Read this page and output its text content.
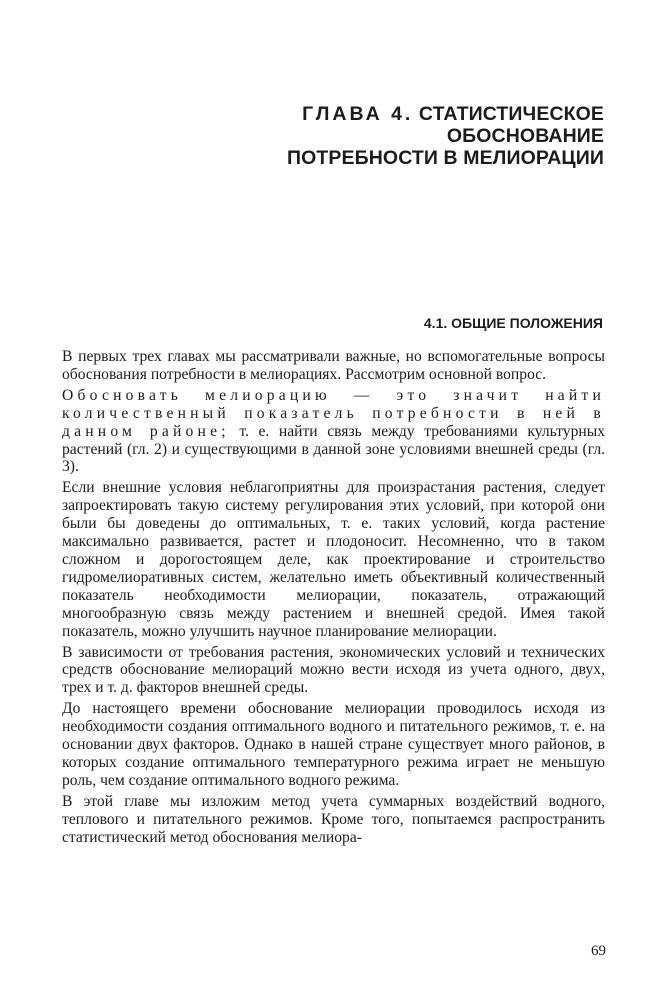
ГЛАВА 4. СТАТИСТИЧЕСКОЕ ОБОСНОВАНИЕ
ПОТРЕБНОСТИ В МЕЛИОРАЦИИ
4.1. ОБЩИЕ ПОЛОЖЕНИЯ

В первых трех главах мы рассматривали важные, но вспомогательные вопросы обоснования потребности в мелиорациях. Рассмотрим основной вопрос.

Обосновать мелиорацию — это значит найти количественный показатель потребности в ней в данном районе; т. е. найти связь между требованиями культурных растений (гл. 2) и существующими в данной зоне условиями внешней среды (гл. 3).

Если внешние условия неблагоприятны для произрастания растения, следует запроектировать такую систему регулирования этих условий, при которой они были бы доведены до оптимальных, т. е. таких условий, когда растение максимально развивается, растет и плодоносит. Несомненно, что в таком сложном и дорогостоящем деле, как проектирование и строительство гидромелиоративных систем, желательно иметь объективный количественный показатель необходимости мелиорации, показатель, отражающий многообразную связь между растением и внешней средой. Имея такой показатель, можно улучшить научное планирование мелиорации.

В зависимости от требования растения, экономических условий и технических средств обоснование мелиораций можно вести исходя из учета одного, двух, трех и т. д. факторов внешней среды.

До настоящего времени обоснование мелиорации проводилось исходя из необходимости создания оптимального водного и питательного режимов, т. е. на основании двух факторов. Однако в нашей стране существует много районов, в которых создание оптимального температурного режима играет не меньшую роль, чем создание оптимального водного режима.

В этой главе мы изложим метод учета суммарных воздействий водного, теплового и питательного режимов. Кроме того, попытаемся распространить статистический метод обоснования мелиора-

69
